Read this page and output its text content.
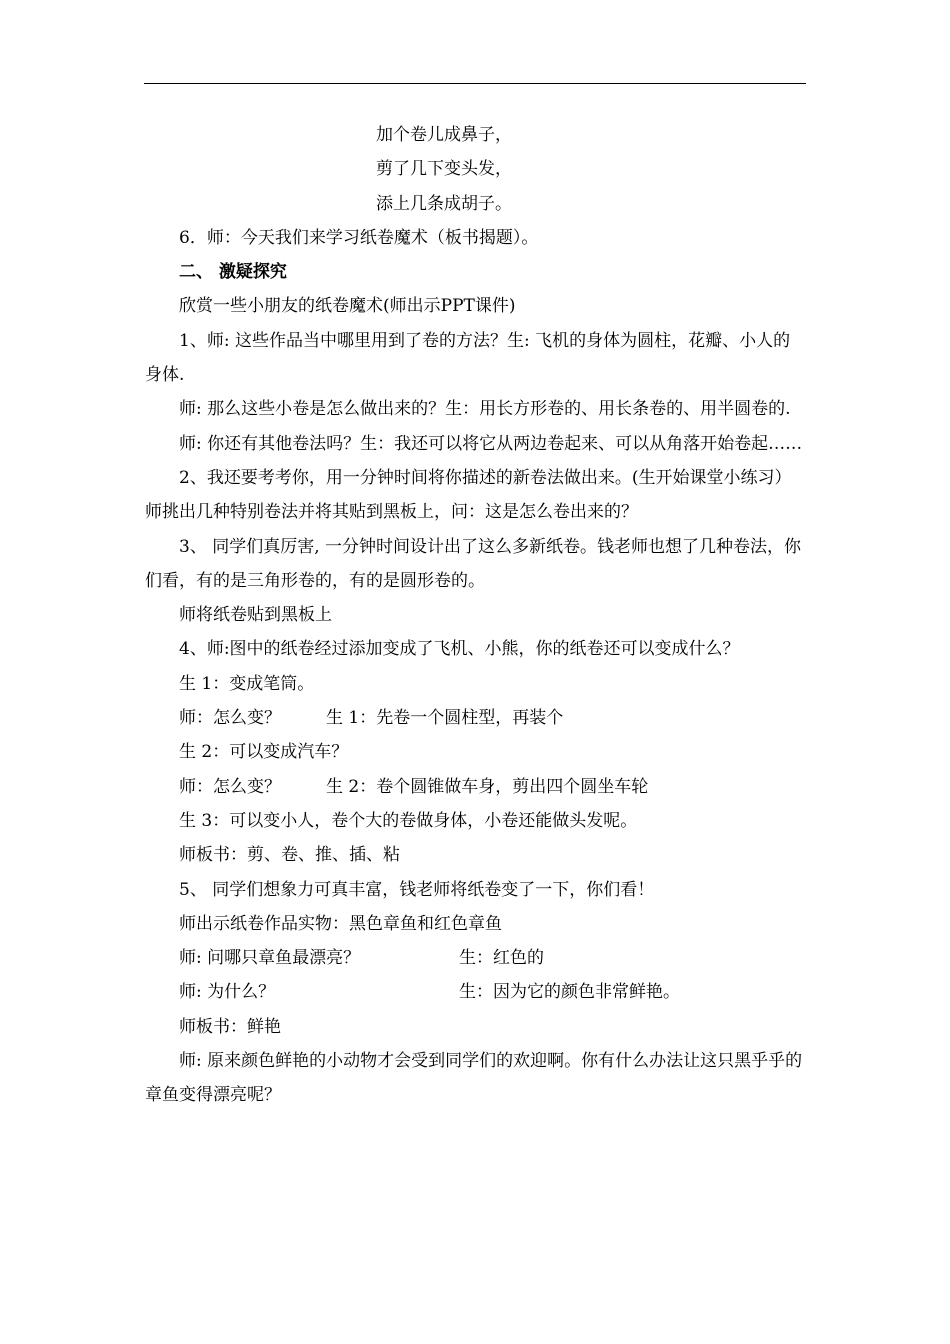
加个卷儿成鼻子，

剪了几下变头发，

添上几条成胡子。

6．师：今天我们来学习纸卷魔术（板书揭题）。

二、 激疑探究

欣赏一些小朋友的纸卷魔术(师出示PPT课件)

1、师: 这些作品当中哪里用到了卷的方法？生: 飞机的身体为圆柱，花瓣、小人的身体.

师: 那么这些小卷是怎么做出来的？生：用长方形卷的、用长条卷的、用半圆卷的.

师: 你还有其他卷法吗？生：我还可以将它从两边卷起来、可以从角落开始卷起……

2、我还要考考你，用一分钟时间将你描述的新卷法做出来。(生开始课堂小练习）师挑出几种特别卷法并将其贴到黑板上，问：这是怎么卷出来的？

3、 同学们真厉害, 一分钟时间设计出了这么多新纸卷。钱老师也想了几种卷法，你们看，有的是三角形卷的，有的是圆形卷的。

师将纸卷贴到黑板上

4、师:图中的纸卷经过添加变成了飞机、小熊，你的纸卷还可以变成什么？

生 1：变成笔筒。

师：怎么变？	生 1：先卷一个圆柱型，再装个

生 2：可以变成汽车？

师：怎么变？	生 2：卷个圆锥做车身，剪出四个圆坐车轮

生 3：可以变小人，卷个大的卷做身体，小卷还能做头发呢。

师板书：剪、卷、推、插、粘

5、 同学们想象力可真丰富，钱老师将纸卷变了一下，你们看！

师出示纸卷作品实物：黑色章鱼和红色章鱼

师: 问哪只章鱼最漂亮？	生：红色的
师: 为什么？	生：因为它的颜色非常鲜艳。

师板书：鲜艳

师: 原来颜色鲜艳的小动物才会受到同学们的欢迎啊。你有什么办法让这只黑乎乎的章鱼变得漂亮呢？
